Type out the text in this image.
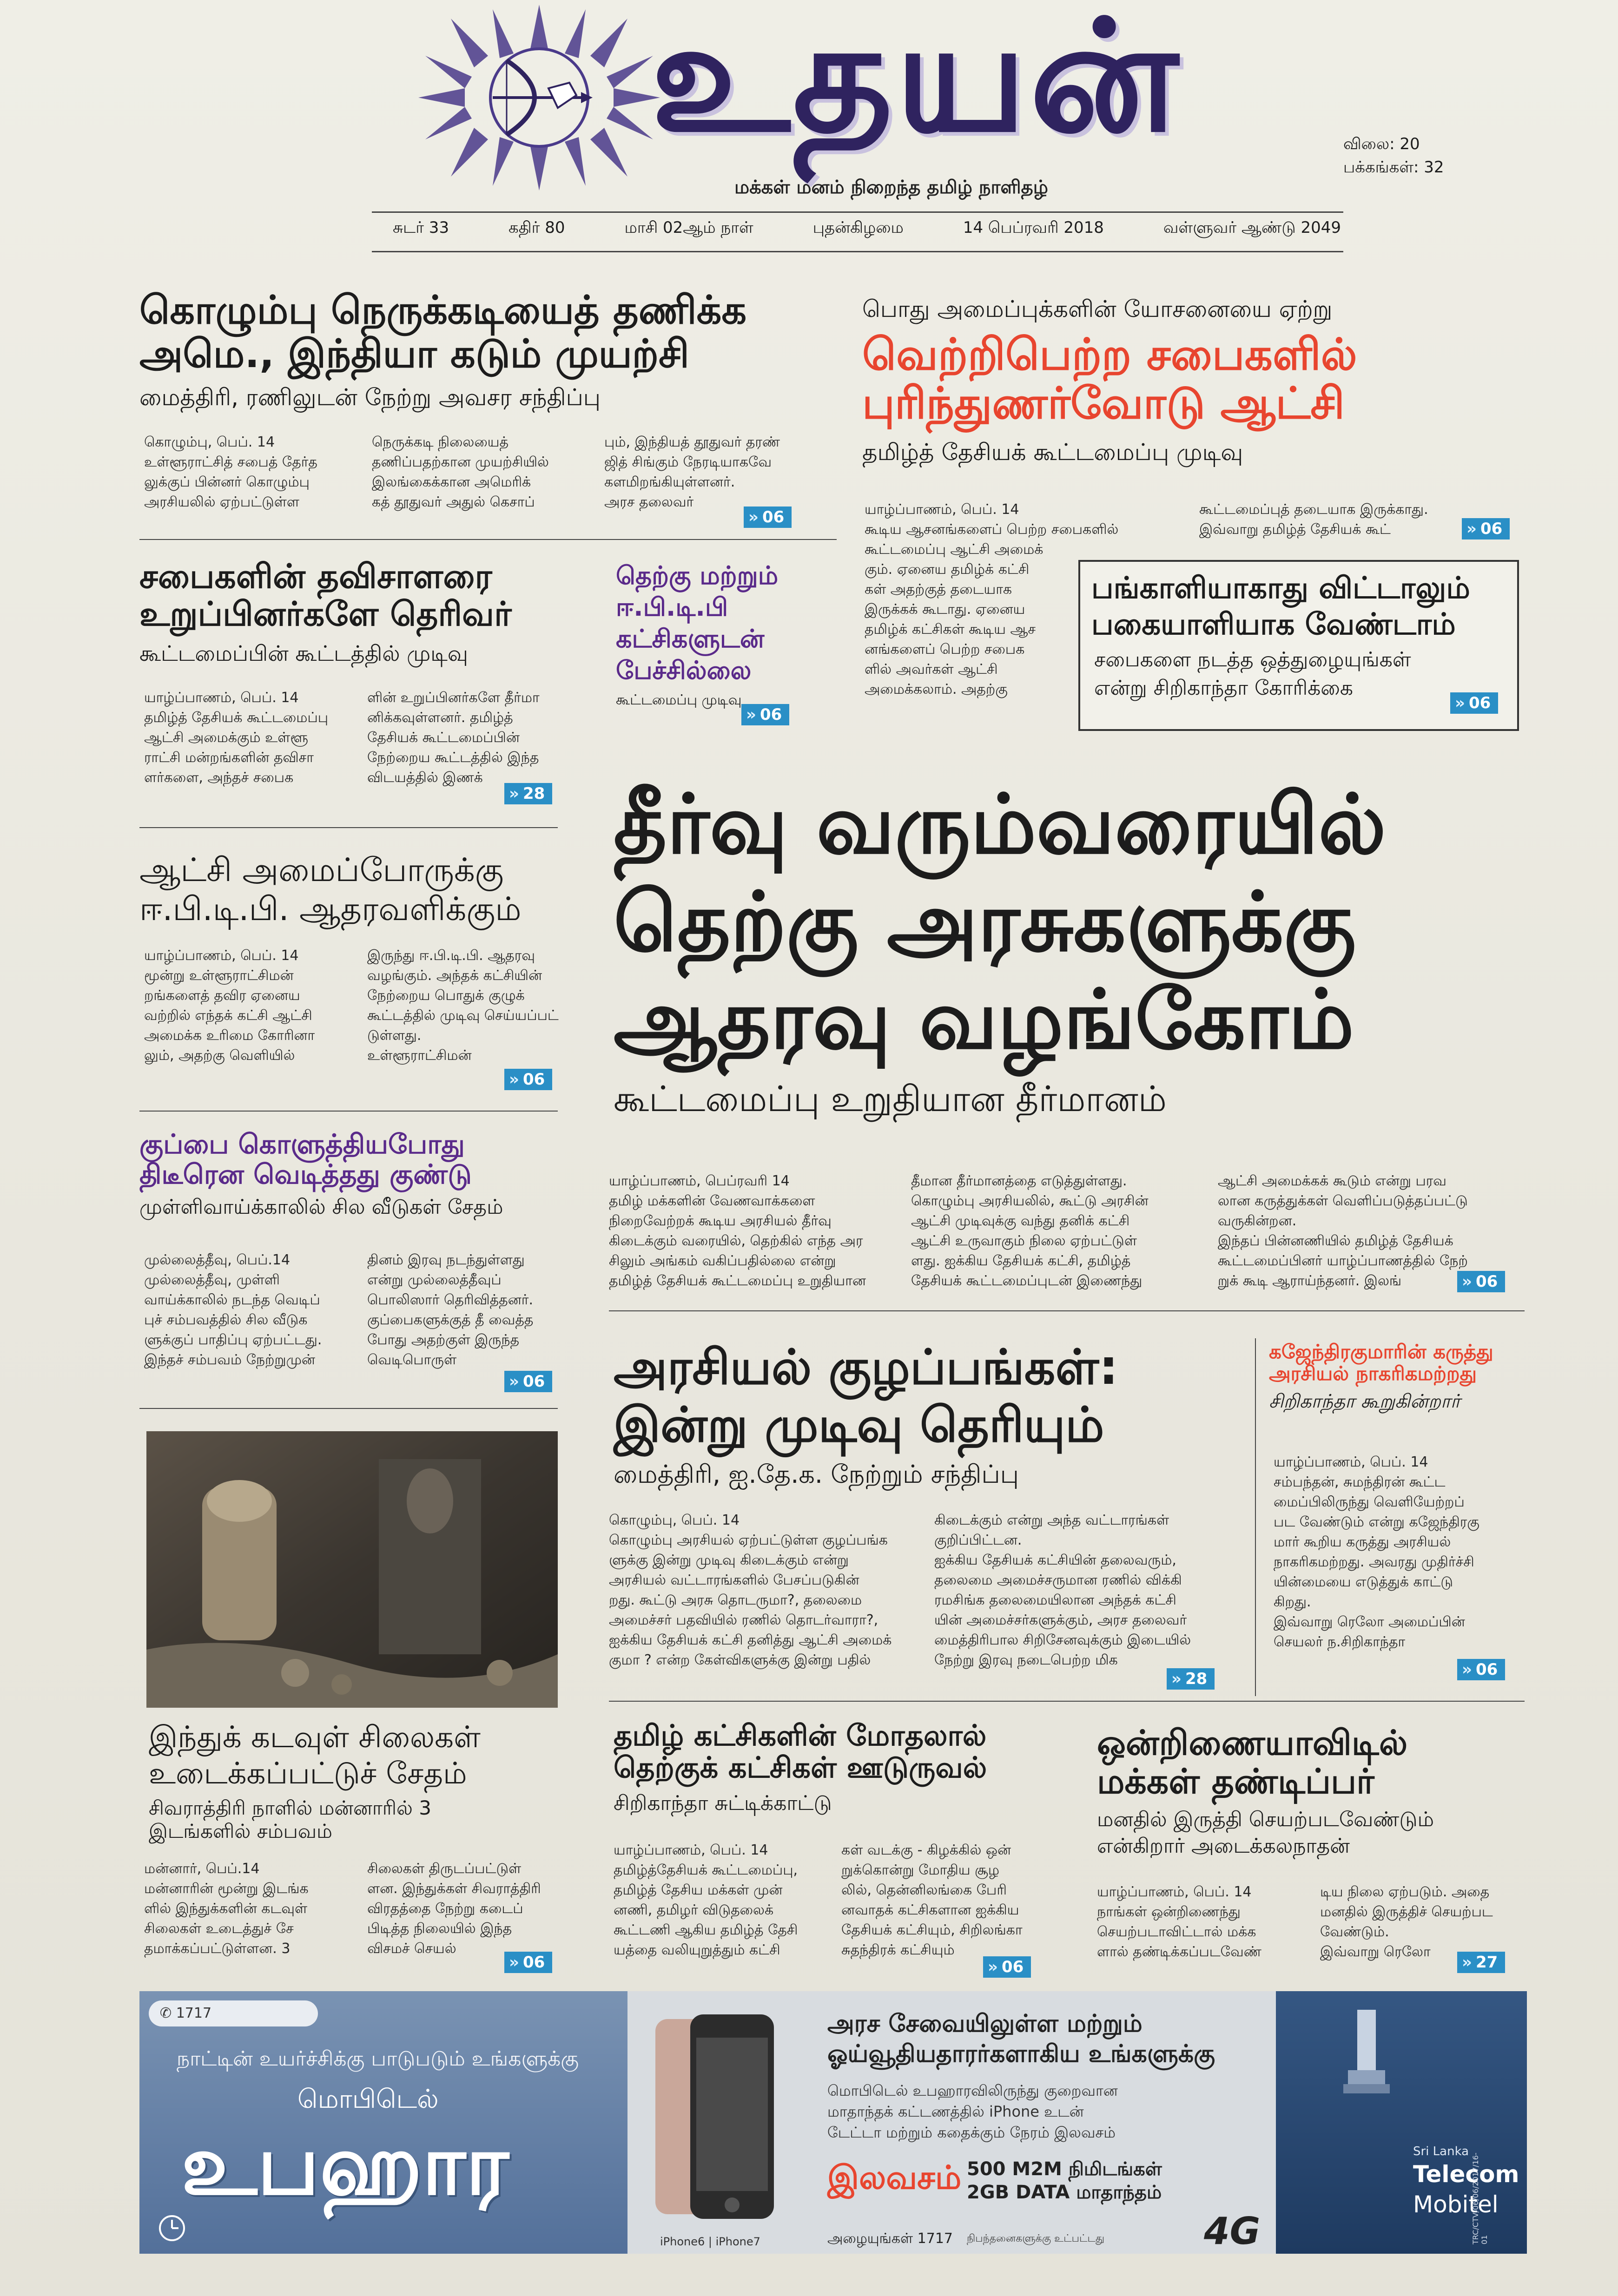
உதயன்
மக்கள் மனம் நிறைந்த தமிழ் நாளிதழ்
விலை: 20
பக்கங்கள்: 32
சுடர் 33	கதிர் 80	மாசி 02ஆம் நாள்	புதன்கிழமை	14 பெப்ரவரி 2018	வள்ளுவர் ஆண்டு 2049
கொழும்பு நெருக்கடியைத் தணிக்க
அமெ., இந்தியா கடும் முயற்சி
மைத்திரி, ரணிலுடன் நேற்று அவசர சந்திப்பு
கொழும்பு, பெப். 14
உள்ளூராட்சித் சபைத் தேர்த
லுக்குப் பின்னர் கொழும்பு
அரசியலில் ஏற்பட்டுள்ள
நெருக்கடி நிலையைத்
தணிப்பதற்கான முயற்சியில்
இலங்கைக்கான அமெரிக்
கத் தூதுவர் அதுல் கெசாப்
பும், இந்தியத் தூதுவர் தரண்
ஜித் சிங்கும் நேரடியாகவே
களமிறங்கியுள்ளனர்.
அரச தலைவர்
» 06
பொது அமைப்புக்களின் யோசனையை ஏற்று
வெற்றிபெற்ற சபைகளில்
புரிந்துணர்வோடு ஆட்சி
தமிழ்த் தேசியக் கூட்டமைப்பு முடிவு
யாழ்ப்பாணம், பெப். 14
கூடிய ஆசனங்களைப் பெற்ற சபைகளில்
கூட்டமைப்பு ஆட்சி அமைக்
கும். ஏனைய தமிழ்க் கட்சி
கள் அதற்குத் தடையாக
இருக்கக் கூடாது. ஏனைய
தமிழ்க் கட்சிகள் கூடிய ஆச
னங்களைப் பெற்ற சபைக
ளில் அவர்கள் ஆட்சி
அமைக்கலாம். அதற்கு
கூட்டமைப்புத் தடையாக இருக்காது.
இவ்வாறு தமிழ்த் தேசியக் கூட்	» 06
பங்காளியாகாது விட்டாலும்
பகையாளியாக வேண்டாம்
சபைகளை நடத்த ஒத்துழையுங்கள்
என்று சிறிகாந்தா கோரிக்கை
» 06
சபைகளின் தவிசாளரை
உறுப்பினர்களே தெரிவர்
கூட்டமைப்பின் கூட்டத்தில் முடிவு
யாழ்ப்பாணம், பெப். 14
தமிழ்த் தேசியக் கூட்டமைப்பு
ஆட்சி அமைக்கும் உள்ளூ
ராட்சி மன்றங்களின் தவிசா
ளர்களை, அந்தச் சபைக
ளின் உறுப்பினர்களே தீர்மா
னிக்கவுள்ளனர். தமிழ்த்
தேசியக் கூட்டமைப்பின்
நேற்றைய கூட்டத்தில் இந்த
விடயத்தில் இணக்
» 28
தெற்கு மற்றும் ஈ.பி.டி.பி கட்சிகளுடன் பேச்சில்லை
கூட்டமைப்பு முடிவு
» 06
தீர்வு வரும்வரையில்
தெற்கு அரசுகளுக்கு
ஆதரவு வழங்கோம்
கூட்டமைப்பு உறுதியான தீர்மானம்
யாழ்ப்பாணம், பெப்ரவரி 14
தமிழ் மக்களின் வேணவாக்களை
நிறைவேற்றக் கூடிய அரசியல் தீர்வு
கிடைக்கும் வரையில், தெற்கில் எந்த அர
சிலும் அங்கம் வகிப்பதில்லை என்று
தமிழ்த் தேசியக் கூட்டமைப்பு உறுதியான
தீமான தீர்மானத்தை எடுத்துள்ளது.
கொழும்பு அரசியலில், கூட்டு அரசின்
ஆட்சி முடிவுக்கு வந்து தனிக் கட்சி
ஆட்சி உருவாகும் நிலை ஏற்பட்டுள்
ளது. ஐக்கிய தேசியக் கட்சி, தமிழ்த்
தேசியக் கூட்டமைப்புடன் இணைந்து
ஆட்சி அமைக்கக் கூடும் என்று பரவ
லான கருத்துக்கள் வெளிப்படுத்தப்பட்டு
வருகின்றன.
இந்தப் பின்னணியில் தமிழ்த் தேசியக்
கூட்டமைப்பினர் யாழ்ப்பாணத்தில் நேற்
றுக் கூடி ஆராய்ந்தனர். இலங்	» 06
ஆட்சி அமைப்போருக்கு
ஈ.பி.டி.பி. ஆதரவளிக்கும்
யாழ்ப்பாணம், பெப். 14
மூன்று உள்ளூராட்சிமன்
றங்களைத் தவிர ஏனைய
வற்றில் எந்தக் கட்சி ஆட்சி
அமைக்க உரிமை கோரினா
லும், அதற்கு வெளியில்
இருந்து ஈ.பி.டி.பி. ஆதரவு
வழங்கும். அந்தக் கட்சியின்
நேற்றைய பொதுக் குழுக்
கூட்டத்தில் முடிவு செய்யப்பட்
டுள்ளது.
உள்ளூராட்சிமன்
» 06
குப்பை கொளுத்தியபோது
திடீரென வெடித்தது குண்டு
முள்ளிவாய்க்காலில் சில வீடுகள் சேதம்
முல்லைத்தீவு, பெப்.14
முல்லைத்தீவு, முள்ளி
வாய்க்காலில் நடந்த வெடிப்
புச் சம்பவத்தில் சில வீடுக
ளுக்குப் பாதிப்பு ஏற்பட்டது.
இந்தச் சம்பவம் நேற்றுமுன்
தினம் இரவு நடந்துள்ளது
என்று முல்லைத்தீவுப்
பொலிஸார் தெரிவித்தனர்.
குப்பைகளுக்குத் தீ வைத்த
போது அதற்குள் இருந்த
வெடிபொருள்
» 06
இந்துக் கடவுள் சிலைகள்
உடைக்கப்பட்டுச் சேதம்
சிவராத்திரி நாளில் மன்னாரில் 3
இடங்களில் சம்பவம்
மன்னார், பெப்.14
மன்னாரின் மூன்று இடங்க
ளில் இந்துக்களின் கடவுள்
சிலைகள் உடைத்துச் சே
தமாக்கப்பட்டுள்ளன. 3
சிலைகள் திருடப்பட்டுள்
ளன. இந்துக்கள் சிவராத்திரி
விரதத்தை நேற்று கடைப்
பிடித்த நிலையில் இந்த
விசமச் செயல்
» 06
அரசியல் குழப்பங்கள்:
இன்று முடிவு தெரியும்
மைத்திரி, ஐ.தே.க. நேற்றும் சந்திப்பு
கொழும்பு, பெப். 14
கொழும்பு அரசியல் ஏற்பட்டுள்ள குழப்பங்க
ளுக்கு இன்று முடிவு கிடைக்கும் என்று
அரசியல் வட்டாரங்களில் பேசப்படுகின்
றது. கூட்டு அரசு தொடருமா?, தலைமை
அமைச்சர் பதவியில் ரணில் தொடர்வாரா?,
ஐக்கிய தேசியக் கட்சி தனித்து ஆட்சி அமைக்
குமா ? என்ற கேள்விகளுக்கு இன்று பதில்
கிடைக்கும் என்று அந்த வட்டாரங்கள்
குறிப்பிட்டன.
ஐக்கிய தேசியக் கட்சியின் தலைவரும்,
தலைமை அமைச்சருமான ரணில் விக்கி
ரமசிங்க தலைமையிலான அந்தக் கட்சி
யின் அமைச்சர்களுக்கும், அரச தலைவர்
மைத்திரிபால சிறிசேனவுக்கும் இடையில்
நேற்று இரவு நடைபெற்ற மிக
» 28
கஜேந்திரகுமாரின் கருத்து
அரசியல் நாகரிகமற்றது
சிறிகாந்தா கூறுகின்றார்
யாழ்ப்பாணம், பெப். 14
சம்பந்தன், சுமந்திரன் கூட்ட
மைப்பிலிருந்து வெளியேற்றப்
பட வேண்டும் என்று கஜேந்திரகு
மார் கூறிய கருத்து அரசியல்
நாகரிகமற்றது. அவரது முதிர்ச்சி
யின்மையை எடுத்துக் காட்டு
கிறது.
இவ்வாறு ரெலோ அமைப்பின்
செயலர் ந.சிறிகாந்தா
» 06
தமிழ் கட்சிகளின் மோதலால்
தெற்குக் கட்சிகள் ஊடுருவல்
சிறிகாந்தா சுட்டிக்காட்டு
யாழ்ப்பாணம், பெப். 14
தமிழ்த்தேசியக் கூட்டமைப்பு,
தமிழ்த் தேசிய மக்கள் முன்
னணி, தமிழர் விடுதலைக்
கூட்டணி ஆகிய தமிழ்த் தேசி
யத்தை வலியுறுத்தும் கட்சி
கள் வடக்கு - கிழக்கில் ஒன்
றுக்கொன்று மோதிய சூழ
லில், தென்னிலங்கை பேரி
னவாதக் கட்சிகளான ஐக்கிய
தேசியக் கட்சியும், சிறிலங்கா
சுதந்திரக் கட்சியும்
» 06
ஒன்றிணையாவிடில்
மக்கள் தண்டிப்பர்
மனதில் இருத்தி செயற்படவேண்டும்
என்கிறார் அடைக்கலநாதன்
யாழ்ப்பாணம், பெப். 14
நாங்கள் ஒன்றிணைந்து
செயற்படாவிட்டால் மக்க
ளால் தண்டிக்கப்படவேண்
டிய நிலை ஏற்படும். அதை
மனதில் இருத்திச் செயற்பட
வேண்டும்.
இவ்வாறு ரெலோ
» 27
✆ 1717
நாட்டின் உயர்ச்சிக்கு பாடுபடும் உங்களுக்கு
மொபிடெல்
உபஹார
iPhone6 | iPhone7
அரச சேவையிலுள்ள மற்றும்
ஓய்வூதியதாரர்களாகிய உங்களுக்கு
மொபிடெல் உபஹாரவிலிருந்து குறைவான
மாதாந்தக் கட்டணத்தில் iPhone உடன்
டேட்டா மற்றும் கதைக்கும் நேரம் இலவசம்
இலவசம் 500 M2M நிமிடங்கள்
2GB DATA மாதாந்தம்
அழையுங்கள் 1717 நிபந்தனைகளுக்கு உட்பட்டது	4G
Sri Lanka
Telecom
Mobitel
TRC/CTV/06/06/2017/16-01
